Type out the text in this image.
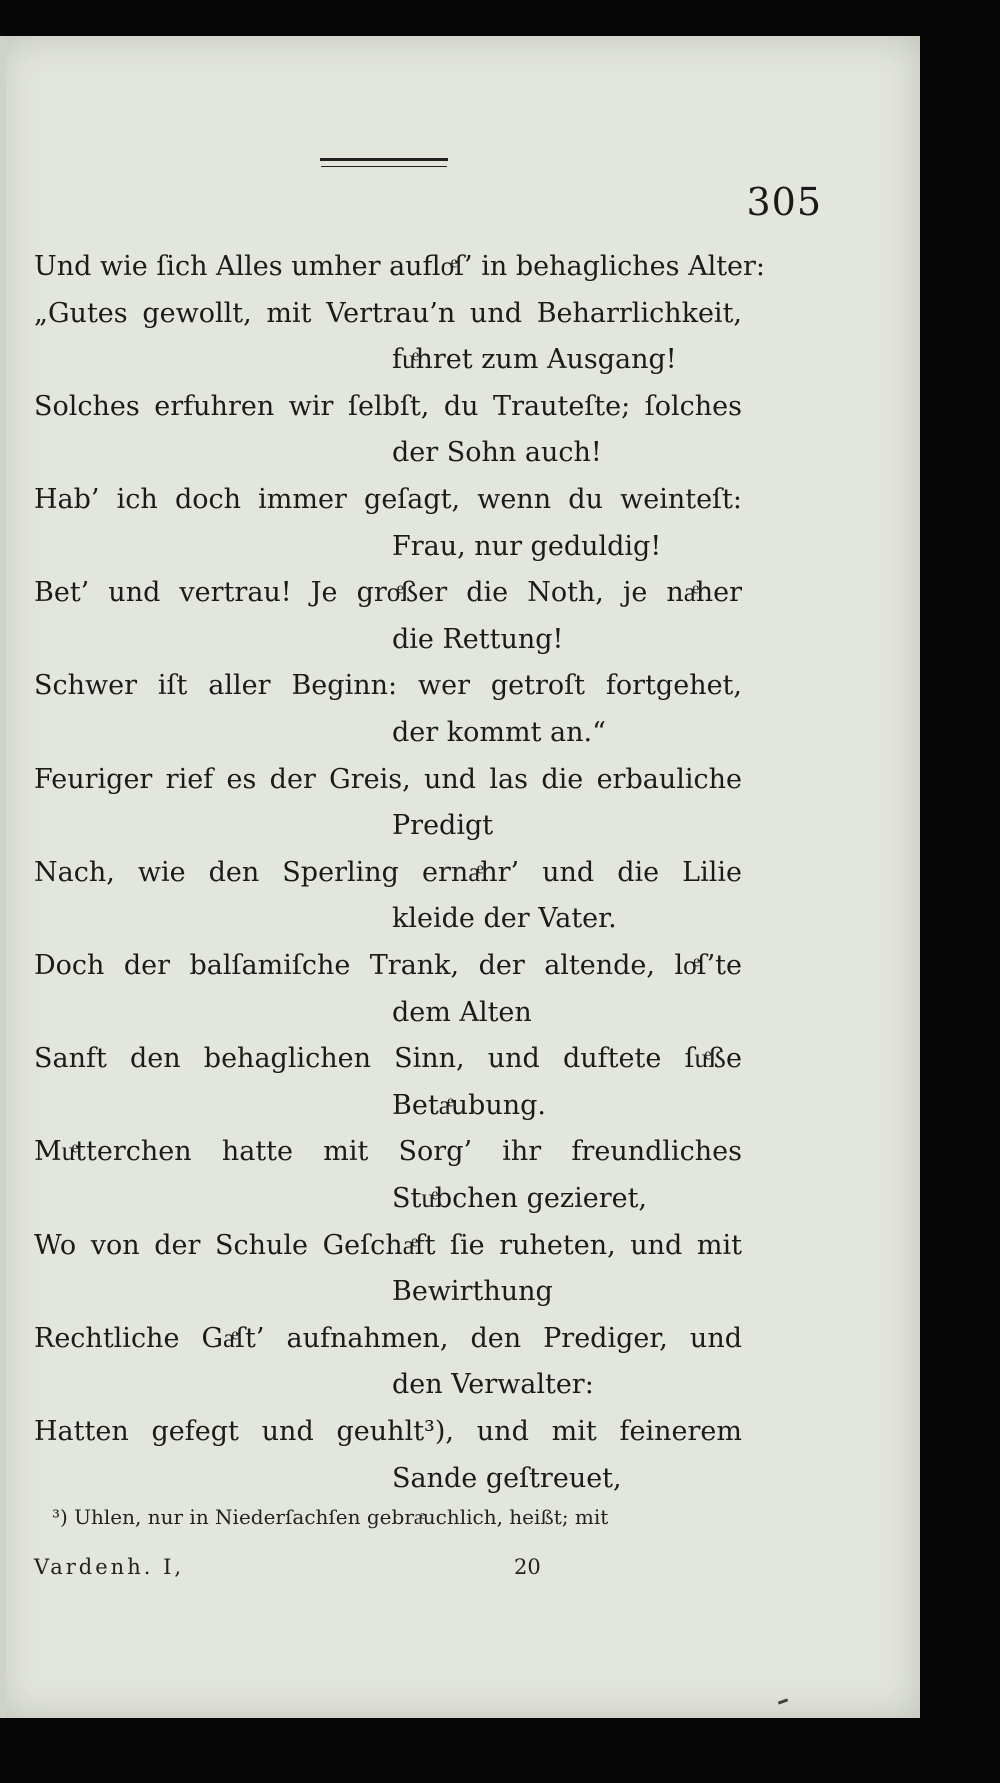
305
Und wie ſich Alles umher aufloͤſ’ in behagliches Alter:
„Gutes gewollt, mit Vertrau’n und Beharrlichkeit,
fuͤhret zum Ausgang!
Solches erfuhren wir ſelbſt, du Trauteſte; ſolches
der Sohn auch!
Hab’ ich doch immer geſagt, wenn du weinteſt:
Frau, nur geduldig!
Bet’ und vertrau! Je groͤßer die Noth, je naͤher
die Rettung!
Schwer iſt aller Beginn: wer getroſt fortgehet,
der kommt an.“
Feuriger rief es der Greis, und las die erbauliche
Predigt
Nach, wie den Sperling ernaͤhr’ und die Lilie
kleide der Vater.
Doch der balſamiſche Trank, der altende, loͤſ’te
dem Alten
Sanft den behaglichen Sinn, und duftete ſuͤße
Betaͤubung.
Muͤtterchen hatte mit Sorg’ ihr freundliches
Stuͤbchen gezieret,
Wo von der Schule Geſchaͤft ſie ruheten, und mit
Bewirthung
Rechtliche Gaͤſt’ aufnahmen, den Prediger, und
den Verwalter:
Hatten gefegt und geuhlt³), und mit feinerem
Sande geſtreuet,
³) Uhlen, nur in Niederſachſen gebraͤuchlich, heißt; mit
Vardenh. I,	20
